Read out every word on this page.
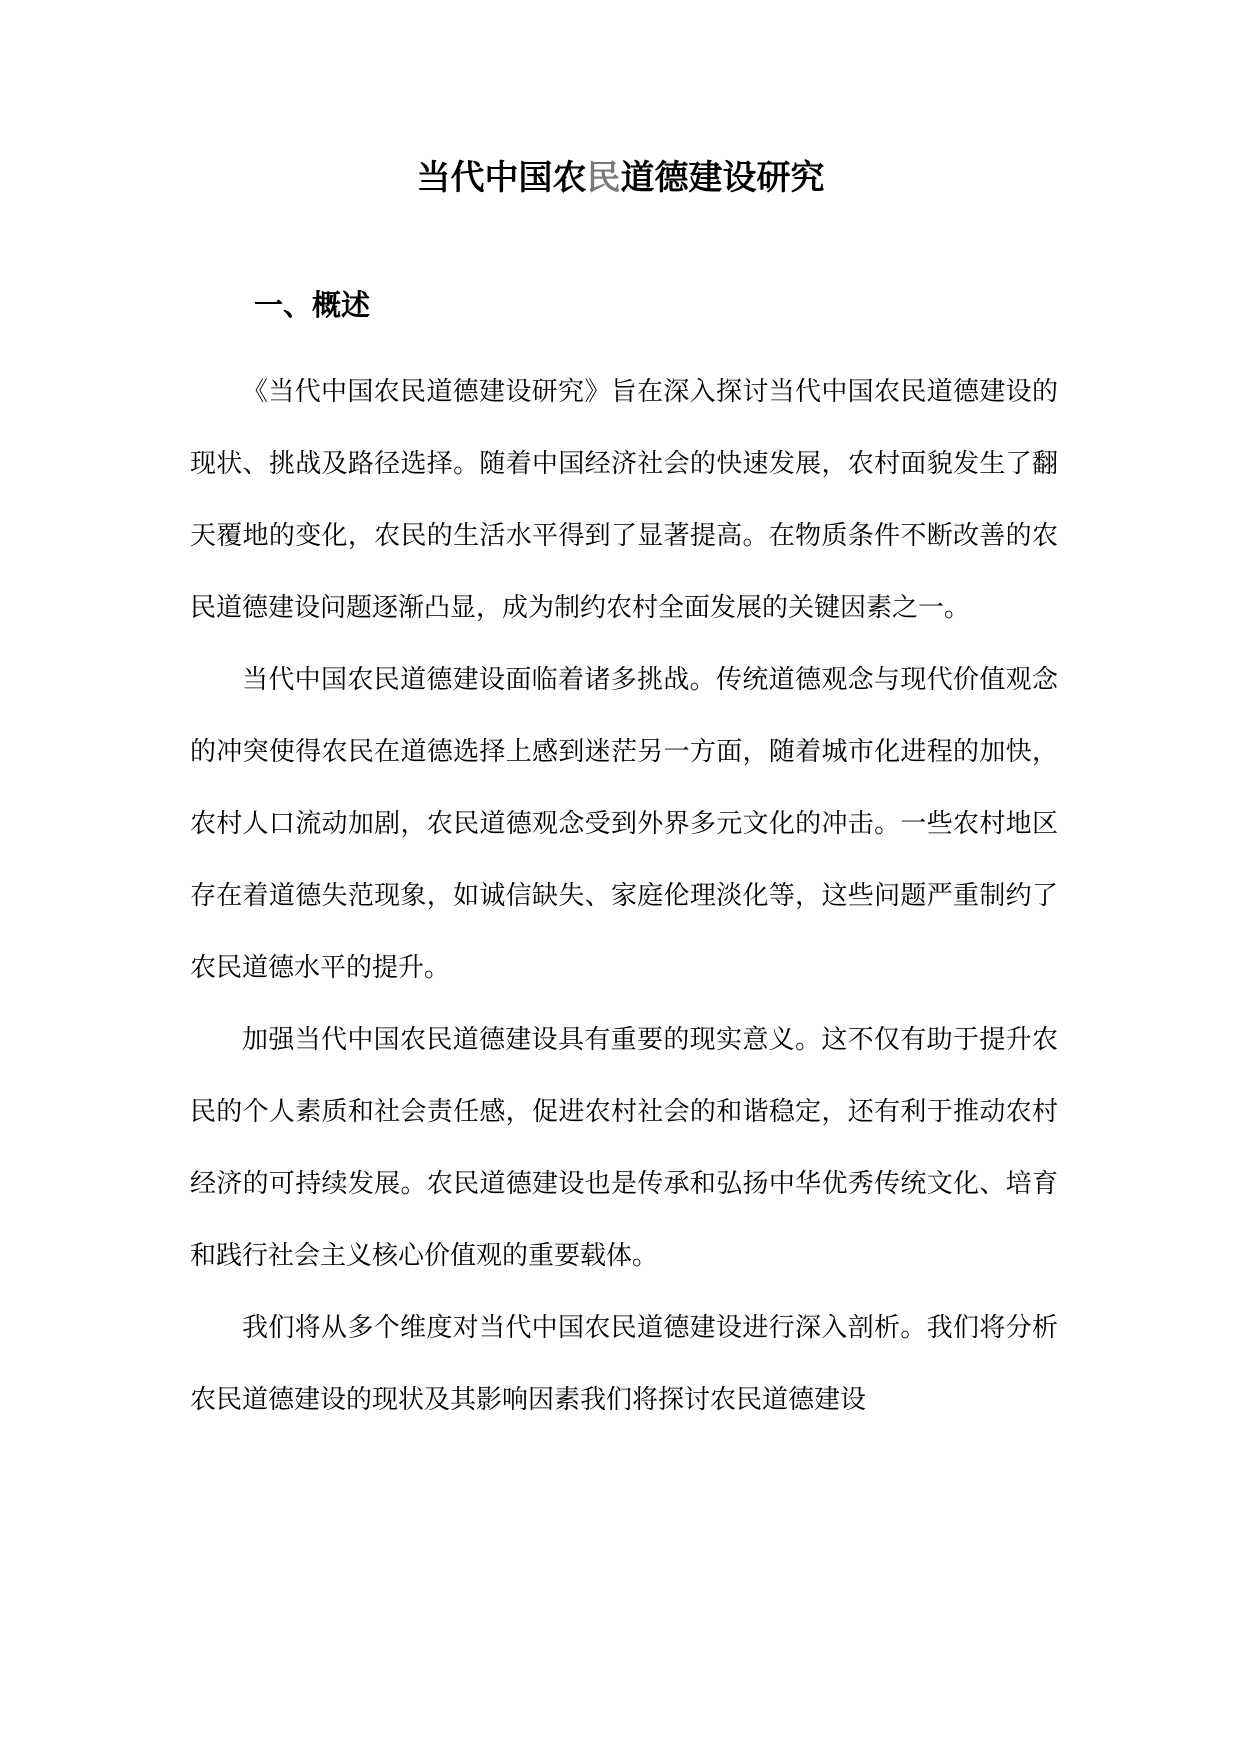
当代中国农民道德建设研究
一、概述

《当代中国农民道德建设研究》旨在深入探讨当代中国农民道德建设的现状、挑战及路径选择。随着中国经济社会的快速发展，农村面貌发生了翻天覆地的变化，农民的生活水平得到了显著提高。在物质条件不断改善的农民道德建设问题逐渐凸显，成为制约农村全面发展的关键因素之一。

当代中国农民道德建设面临着诸多挑战。传统道德观念与现代价值观念的冲突使得农民在道德选择上感到迷茫另一方面，随着城市化进程的加快，农村人口流动加剧，农民道德观念受到外界多元文化的冲击。一些农村地区存在着道德失范现象，如诚信缺失、家庭伦理淡化等，这些问题严重制约了农民道德水平的提升。

加强当代中国农民道德建设具有重要的现实意义。这不仅有助于提升农民的个人素质和社会责任感，促进农村社会的和谐稳定，还有利于推动农村经济的可持续发展。农民道德建设也是传承和弘扬中华优秀传统文化、培育和践行社会主义核心价值观的重要载体。

我们将从多个维度对当代中国农民道德建设进行深入剖析。我们将分析农民道德建设的现状及其影响因素我们将探讨农民道德建设
